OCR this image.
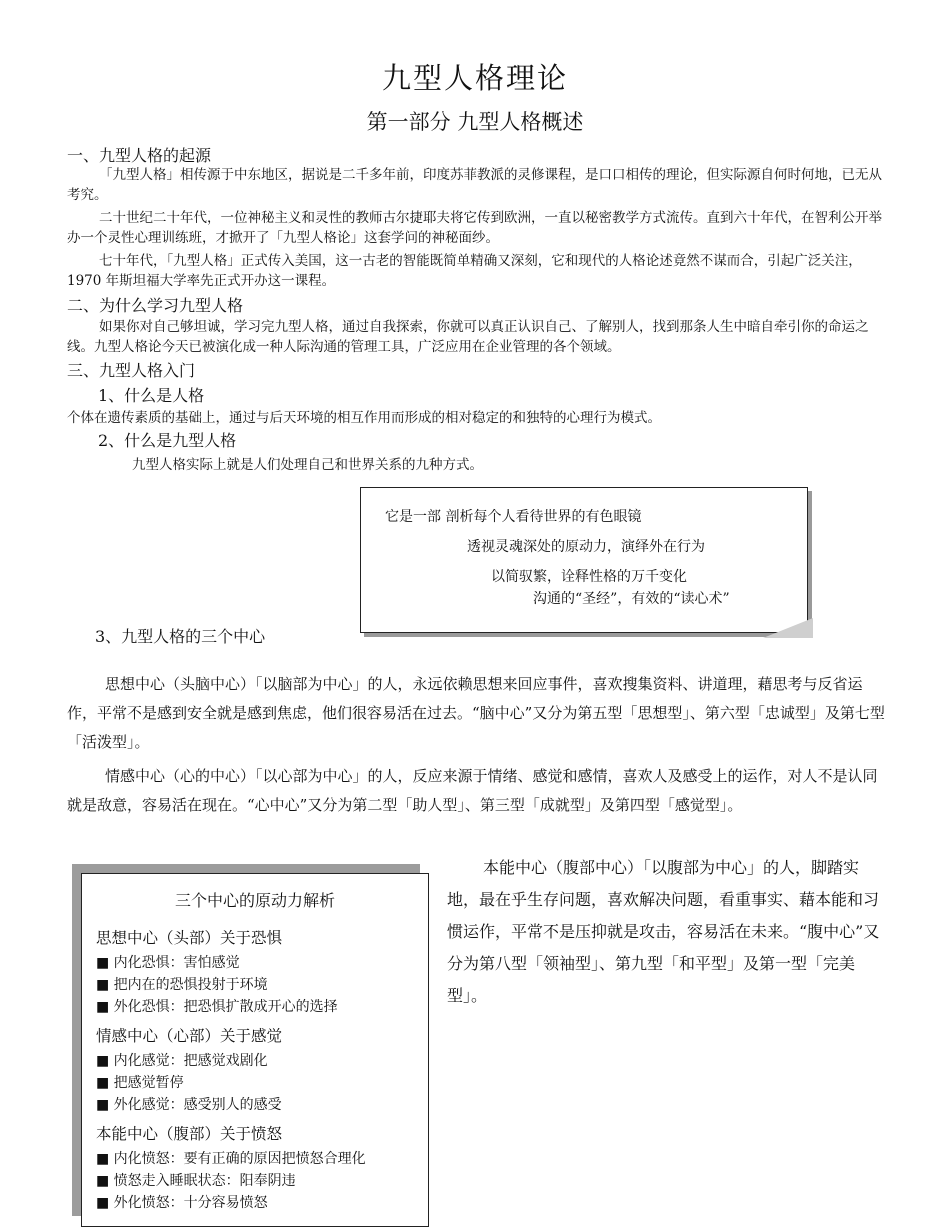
九型人格理论
第一部分 九型人格概述
一、九型人格的起源
「九型人格」相传源于中东地区，据说是二千多年前，印度苏菲教派的灵修课程，是口口相传的理论，但实际源自何时何地，已无从考究。
二十世纪二十年代，一位神秘主义和灵性的教师古尔捷耶夫将它传到欧洲，一直以秘密教学方式流传。直到六十年代，在智利公开举办一个灵性心理训练班，才掀开了「九型人格论」这套学问的神秘面纱。
七十年代，「九型人格」正式传入美国，这一古老的智能既简单精确又深刻，它和现代的人格论述竟然不谋而合，引起广泛关注，1970 年斯坦福大学率先正式开办这一课程。
二、为什么学习九型人格
如果你对自己够坦诚，学习完九型人格，通过自我探索，你就可以真正认识自己、了解别人，找到那条人生中暗自牵引你的命运之线。九型人格论今天已被演化成一种人际沟通的管理工具，广泛应用在企业管理的各个领域。
三、九型人格入门
1、什么是人格
个体在遗传素质的基础上，通过与后天环境的相互作用而形成的相对稳定的和独特的心理行为模式。
2、什么是九型人格
九型人格实际上就是人们处理自己和世界关系的九种方式。
它是一部 剖析每个人看待世界的有色眼镜
透视灵魂深处的原动力，演绎外在行为
以简驭繁，诠释性格的万千变化
沟通的“圣经”，有效的“读心术”
3、九型人格的三个中心
思想中心（头脑中心）「以脑部为中心」的人，永远依赖思想来回应事件，喜欢搜集资料、讲道理，藉思考与反省运作，平常不是感到安全就是感到焦虑，他们很容易活在过去。“脑中心”又分为第五型「思想型」、第六型「忠诚型」及第七型「活泼型」。
情感中心（心的中心）「以心部为中心」的人，反应来源于情绪、感觉和感情，喜欢人及感受上的运作，对人不是认同就是敌意，容易活在现在。“心中心”又分为第二型「助人型」、第三型「成就型」及第四型「感觉型」。
三个中心的原动力解析
思想中心（头部）关于恐惧
■ 内化恐惧：害怕感觉
■ 把内在的恐惧投射于环境
■ 外化恐惧：把恐惧扩散成开心的选择
情感中心（心部）关于感觉
■ 内化感觉：把感觉戏剧化
■ 把感觉暂停
■ 外化感觉：感受别人的感受
本能中心（腹部）关于愤怒
■ 内化愤怒：要有正确的原因把愤怒合理化
■ 愤怒走入睡眠状态：阳奉阴违
■ 外化愤怒：十分容易愤怒
本能中心（腹部中心）「以腹部为中心」的人，脚踏实地，最在乎生存问题，喜欢解决问题，看重事实、藉本能和习惯运作，平常不是压抑就是攻击，容易活在未来。“腹中心”又分为第八型「领袖型」、第九型「和平型」及第一型「完美型」。
